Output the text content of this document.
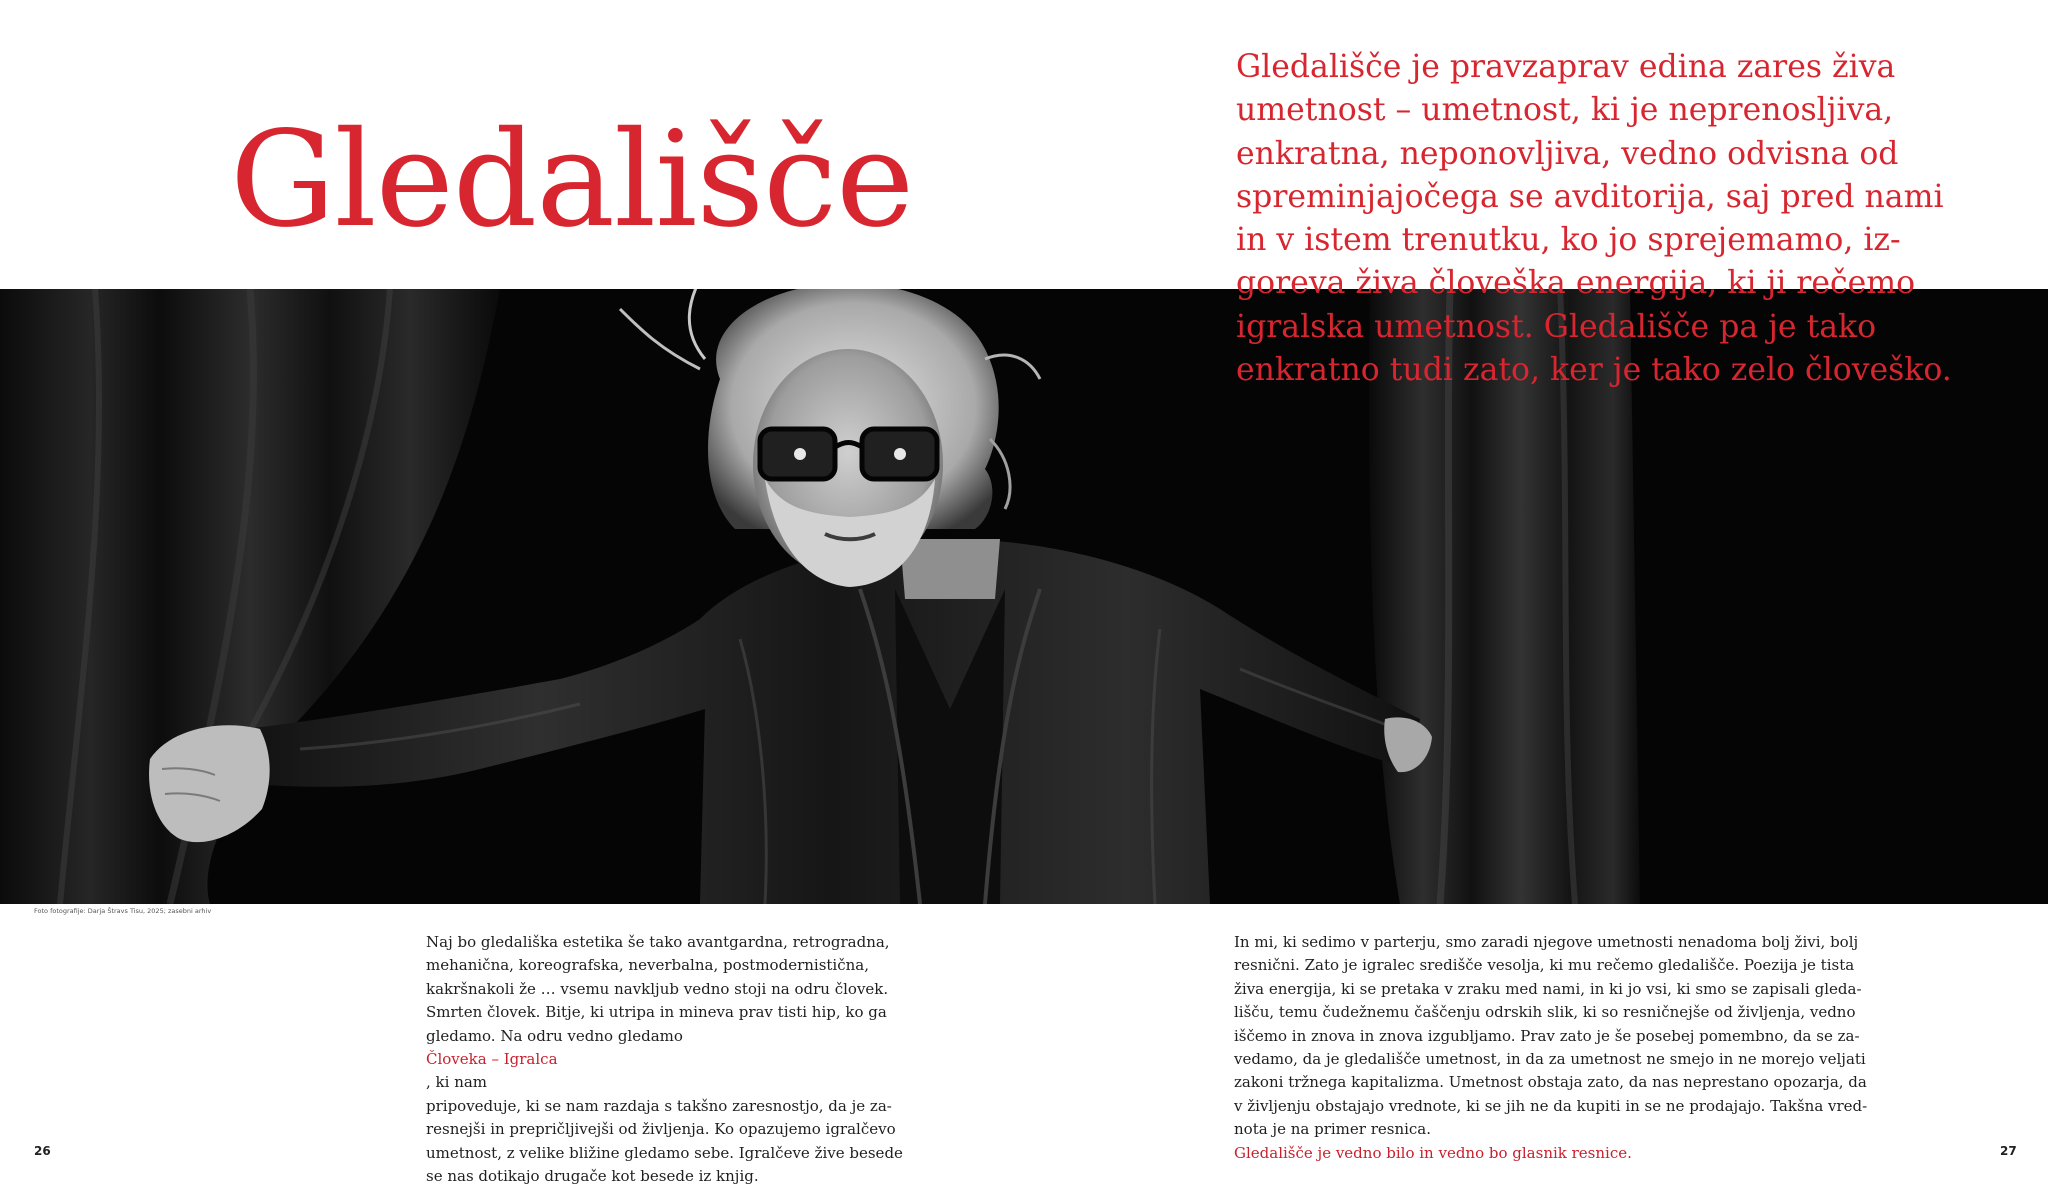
Gledališče
Gledališče je pravzaprav edina zares živa
umetnost – umetnost, ki je neprenosljiva,
enkratna, neponovljiva, vedno odvisna od
spreminjajočega se avditorija, saj pred nami
in v istem trenutku, ko jo sprejemamo, iz-
goreva živa človeška energija, ki ji rečemo
igralska umetnost. Gledališče pa je tako
enkratno tudi zato, ker je tako zelo človeško.
Foto fotografije: Darja Štravs Tisu, 2025; zasebni arhiv
Naj bo gledališka estetika še tako avantgardna, retrogradna,
mehanična, koreografska, neverbalna, postmodernistična,
kakršnakoli že … vsemu navkljub vedno stoji na odru človek.
Smrten človek. Bitje, ki utripa in mineva prav tisti hip, ko ga
gledamo. Na odru vedno gledamo
Človeka – Igralca
, ki nam
pripoveduje, ki se nam razdaja s takšno zaresnostjo, da je za-
resnejši in prepričljivejši od življenja. Ko opazujemo igralčevo
umetnost, z velike bližine gledamo sebe. Igralčeve žive besede
se nas dotikajo drugače kot besede iz knjig.
In mi, ki sedimo v parterju, smo zaradi njegove umetnosti nenadoma bolj živi, bolj
resnični. Zato je igralec središče vesolja, ki mu rečemo gledališče. Poezija je tista
živa energija, ki se pretaka v zraku med nami, in ki jo vsi, ki smo se zapisali gleda-
lišču, temu čudežnemu čaščenju odrskih slik, ki so resničnejše od življenja, vedno
iščemo in znova in znova izgubljamo. Prav zato je še posebej pomembno, da se za-
vedamo, da je gledališče umetnost, in da za umetnost ne smejo in ne morejo veljati
zakoni tržnega kapitalizma. Umetnost obstaja zato, da nas neprestano opozarja, da
v življenju obstajajo vrednote, ki se jih ne da kupiti in se ne prodajajo. Takšna vred-
nota je na primer resnica.
Gledališče je vedno bilo in vedno bo glasnik resnice.
26	27
